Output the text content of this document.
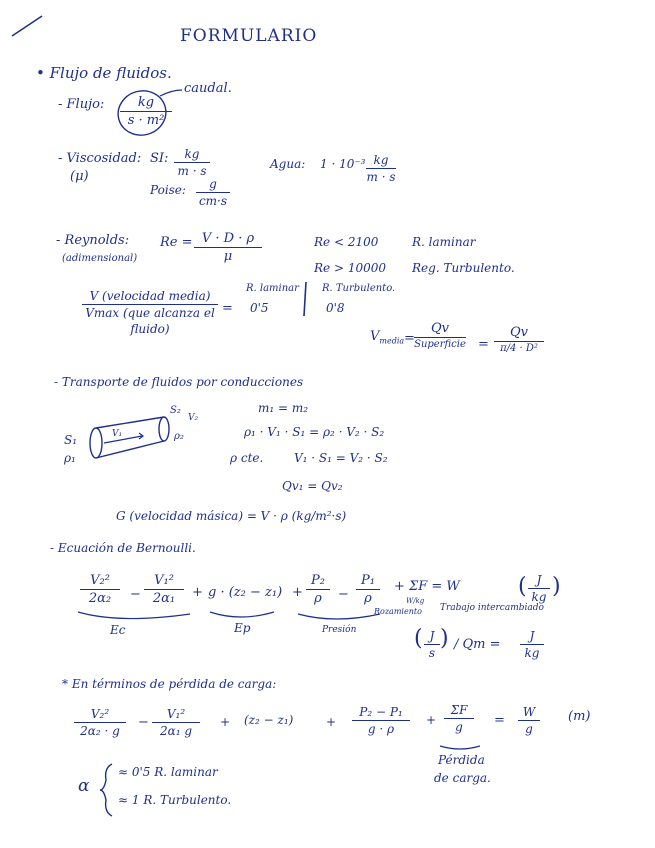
FORMULARIO
• Flujo de fluidos.
- Flujo:	kg
s · m²
caudal.
- Viscosidad:
(μ)
SI:	kg
m · s
Poise:	g
cm·s
Agua: 1 · 10⁻³ kg
m · s
- Reynolds:
(adimensional)
Re = V · D · ρ
μ
Re < 2100	R. laminar
Re > 10000 Reg. Turbulento.
V (velocidad media)
Vmax (que alcanza el
fluido)
=
R. laminar
0'5
R. Turbulento.
0'8
$V_{media}$ =
Qv
Superficie =
Qv
π/4 · D²
- Transporte de fluidos por conducciones
S₂
V₂
V₁	ρ₂
S₁
ρ₁
m₁ = m₂
ρ₁ · V₁ · S₁ = ρ₂ · V₂ · S₂
ρ cte.	V₁ · S₁ = V₂ · S₂
Qv₁ = Qv₂
G (velocidad másica) = V · ρ (kg/m²·s)
- Ecuación de Bernoulli.
V₂²
2α₂	−
V₁²
2α₁	+ g · (z₂ − z₁) +
P₂
ρ	−
P₁
ρ
+ ΣF = W	( J
kg )
W/kg
Rozamiento Trabajo intercambiado
Ec	Ep	Presión	( J
s
) / Qm =
J
kg
* En términos de pérdida de carga:
V₂²
2α₂ · g
−
V₁²
2α₁ g
+ (z₂ − z₁)	+
P₂ − P₁
g · ρ
+
ΣF
g	=
W
g
(m)
Pérdida
de carga.
α
≈ 0'5 R. laminar
≈ 1 R. Turbulento.
